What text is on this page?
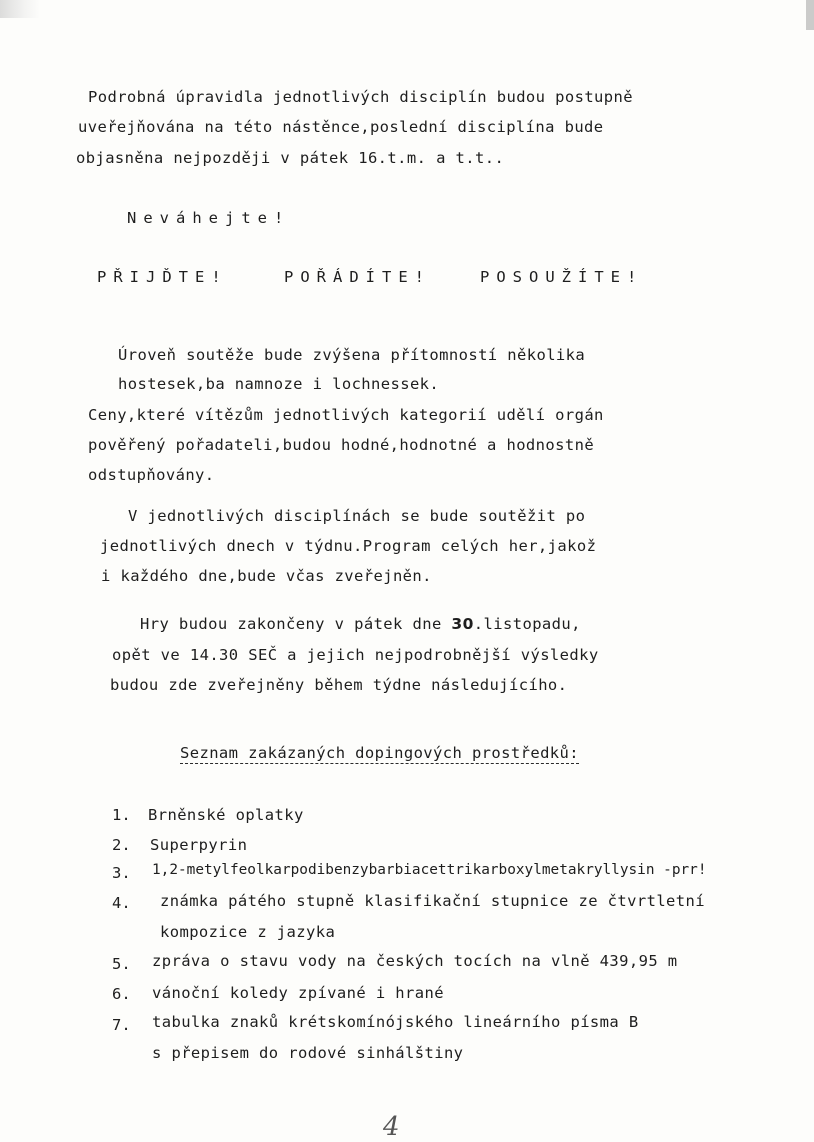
Podrobná úpravidla jednotlivých disciplín budou postupně
uveřejňována na této nástěnce,poslední disciplína bude
objasněna nejpozději v pátek 16.t.m. a t.t..
Neváhejte!
PŘIJĎTE!	POŘÁDÍTE!	POSOUŽÍTE!
Úroveň soutěže bude zvýšena přítomností několika
hostesek,ba namnoze i lochnessek.
Ceny,které vítězům jednotlivých kategorií udělí orgán
pověřený pořadateli,budou hodné,hodnotné a hodnostně
odstupňovány.
V jednotlivých disciplínách se bude soutěžit po
jednotlivých dnech v týdnu.Program celých her,jakož
i každého dne,bude včas zveřejněn.
Hry budou zakončeny v pátek dne 30.listopadu,
opět ve 14.30 SEČ a jejich nejpodrobnější výsledky
budou zde zveřejněny během týdne následujícího.
Seznam zakázaných dopingových prostředků:
1. Brněnské oplatky
2. Superpyrin
3. 1,2-metylfeolkarpodibenzybarbiacettrikarboxylmetakryllysin -prr!
4. známka pátého stupně klasifikační stupnice ze čtvrtletní
kompozice z jazyka
5. zpráva o stavu vody na českých tocích na vlně 439,95 m
6. vánoční koledy zpívané i hrané
7. tabulka znaků krétskomínójského lineárního písma B
s přepisem do rodové sinhálštiny
4
